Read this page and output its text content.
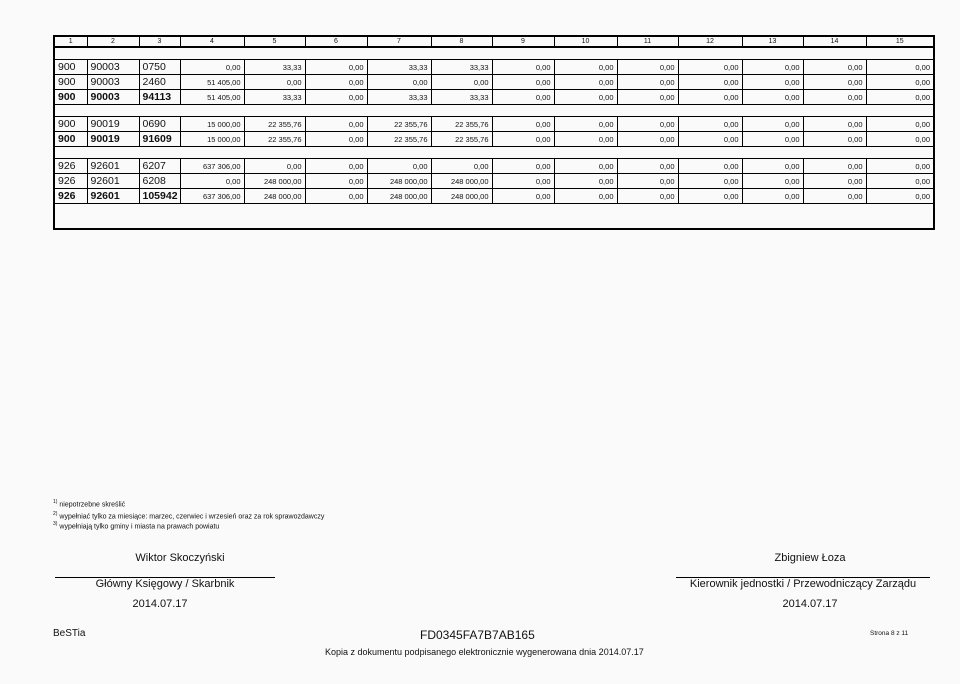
1	2	3	4	5	6	7	8	9	10	11	12	13	14	15

900	90003	0750	0,00	33,33	0,00	33,33	33,33	0,00	0,00	0,00	0,00	0,00	0,00	0,00
900	90003	2460	51 405,00	0,00	0,00	0,00	0,00	0,00	0,00	0,00	0,00	0,00	0,00	0,00
900	90003	94113	51 405,00	33,33	0,00	33,33	33,33	0,00	0,00	0,00	0,00	0,00	0,00	0,00

900	90019	0690	15 000,00	22 355,76	0,00	22 355,76	22 355,76	0,00	0,00	0,00	0,00	0,00	0,00	0,00
900	90019	91609	15 000,00	22 355,76	0,00	22 355,76	22 355,76	0,00	0,00	0,00	0,00	0,00	0,00	0,00

926	92601	6207	637 306,00	0,00	0,00	0,00	0,00	0,00	0,00	0,00	0,00	0,00	0,00	0,00
926	92601	6208	0,00	248 000,00	0,00	248 000,00	248 000,00	0,00	0,00	0,00	0,00	0,00	0,00	0,00
926	92601	105942	637 306,00	248 000,00	0,00	248 000,00	248 000,00	0,00	0,00	0,00	0,00	0,00	0,00	0,00

$^{1)}$ niepotrzebne skreślić
$^{2)}$ wypełniać tylko za miesiące: marzec, czerwiec i wrzesień oraz za rok sprawozdawczy
$^{3)}$ wypełniają tylko gminy i miasta na prawach powiatu
Wiktor Skoczyński
Główny Księgowy / Skarbnik
2014.07.17
Zbigniew Łoza
Kierownik jednostki / Przewodniczący Zarządu
2014.07.17
BeSTia	FD0345FA7B7AB165
Kopia z dokumentu podpisanego elektronicznie wygenerowana dnia 2014.07.17
Strona 8 z 11
